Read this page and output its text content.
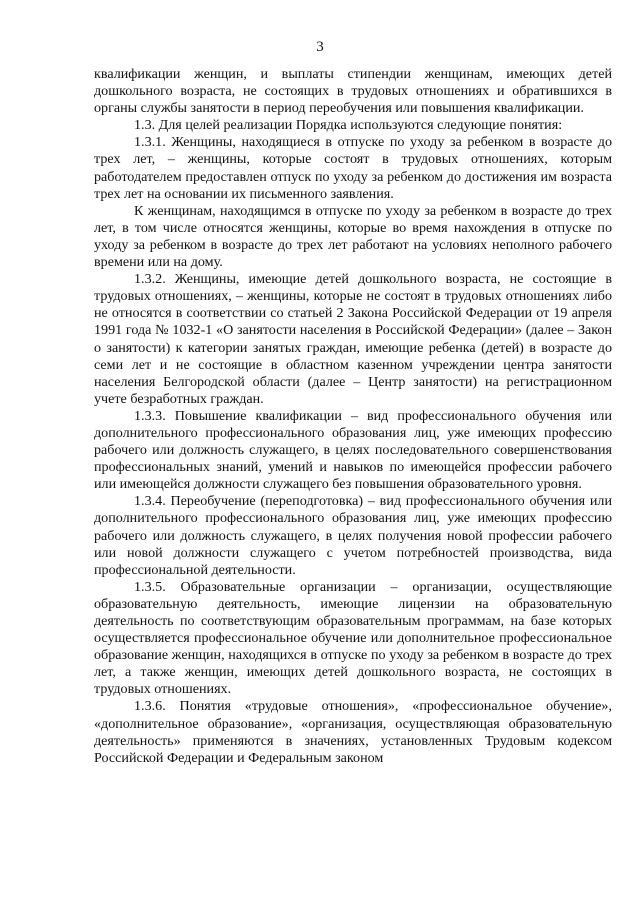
3

квалификации женщин, и выплаты стипендии женщинам, имеющих детей дошкольного возраста, не состоящих в трудовых отношениях и обратившихся в органы службы занятости в период переобучения или повышения квалификации.

1.3. Для целей реализации Порядка используются следующие понятия:

1.3.1. Женщины, находящиеся в отпуске по уходу за ребенком в возрасте до трех лет, – женщины, которые состоят в трудовых отношениях, которым работодателем предоставлен отпуск по уходу за ребенком до достижения им возраста трех лет на основании их письменного заявления.

К женщинам, находящимся в отпуске по уходу за ребенком в возрасте до трех лет, в том числе относятся женщины, которые во время нахождения в отпуске по уходу за ребенком в возрасте до трех лет работают на условиях неполного рабочего времени или на дому.

1.3.2. Женщины, имеющие детей дошкольного возраста, не состоящие в трудовых отношениях, – женщины, которые не состоят в трудовых отношениях либо не относятся в соответствии со статьей 2 Закона Российской Федерации от 19 апреля 1991 года № 1032-1 «О занятости населения в Российской Федерации» (далее – Закон о занятости) к категории занятых граждан, имеющие ребенка (детей) в возрасте до семи лет и не состоящие в областном казенном учреждении центра занятости населения Белгородской области (далее – Центр занятости) на регистрационном учете безработных граждан.

1.3.3. Повышение квалификации – вид профессионального обучения или дополнительного профессионального образования лиц, уже имеющих профессию рабочего или должность служащего, в целях последовательного совершенствования профессиональных знаний, умений и навыков по имеющейся профессии рабочего или имеющейся должности служащего без повышения образовательного уровня.

1.3.4. Переобучение (переподготовка) – вид профессионального обучения или дополнительного профессионального образования лиц, уже имеющих профессию рабочего или должность служащего, в целях получения новой профессии рабочего или новой должности служащего с учетом потребностей производства, вида профессиональной деятельности.

1.3.5. Образовательные организации – организации, осуществляющие образовательную деятельность, имеющие лицензии на образовательную деятельность по соответствующим образовательным программам, на базе которых осуществляется профессиональное обучение или дополнительное профессиональное образование женщин, находящихся в отпуске по уходу за ребенком в возрасте до трех лет, а также женщин, имеющих детей дошкольного возраста, не состоящих в трудовых отношениях.

1.3.6. Понятия «трудовые отношения», «профессиональное обучение», «дополнительное образование», «организация, осуществляющая образовательную деятельность» применяются в значениях, установленных Трудовым кодексом Российской Федерации и Федеральным законом
